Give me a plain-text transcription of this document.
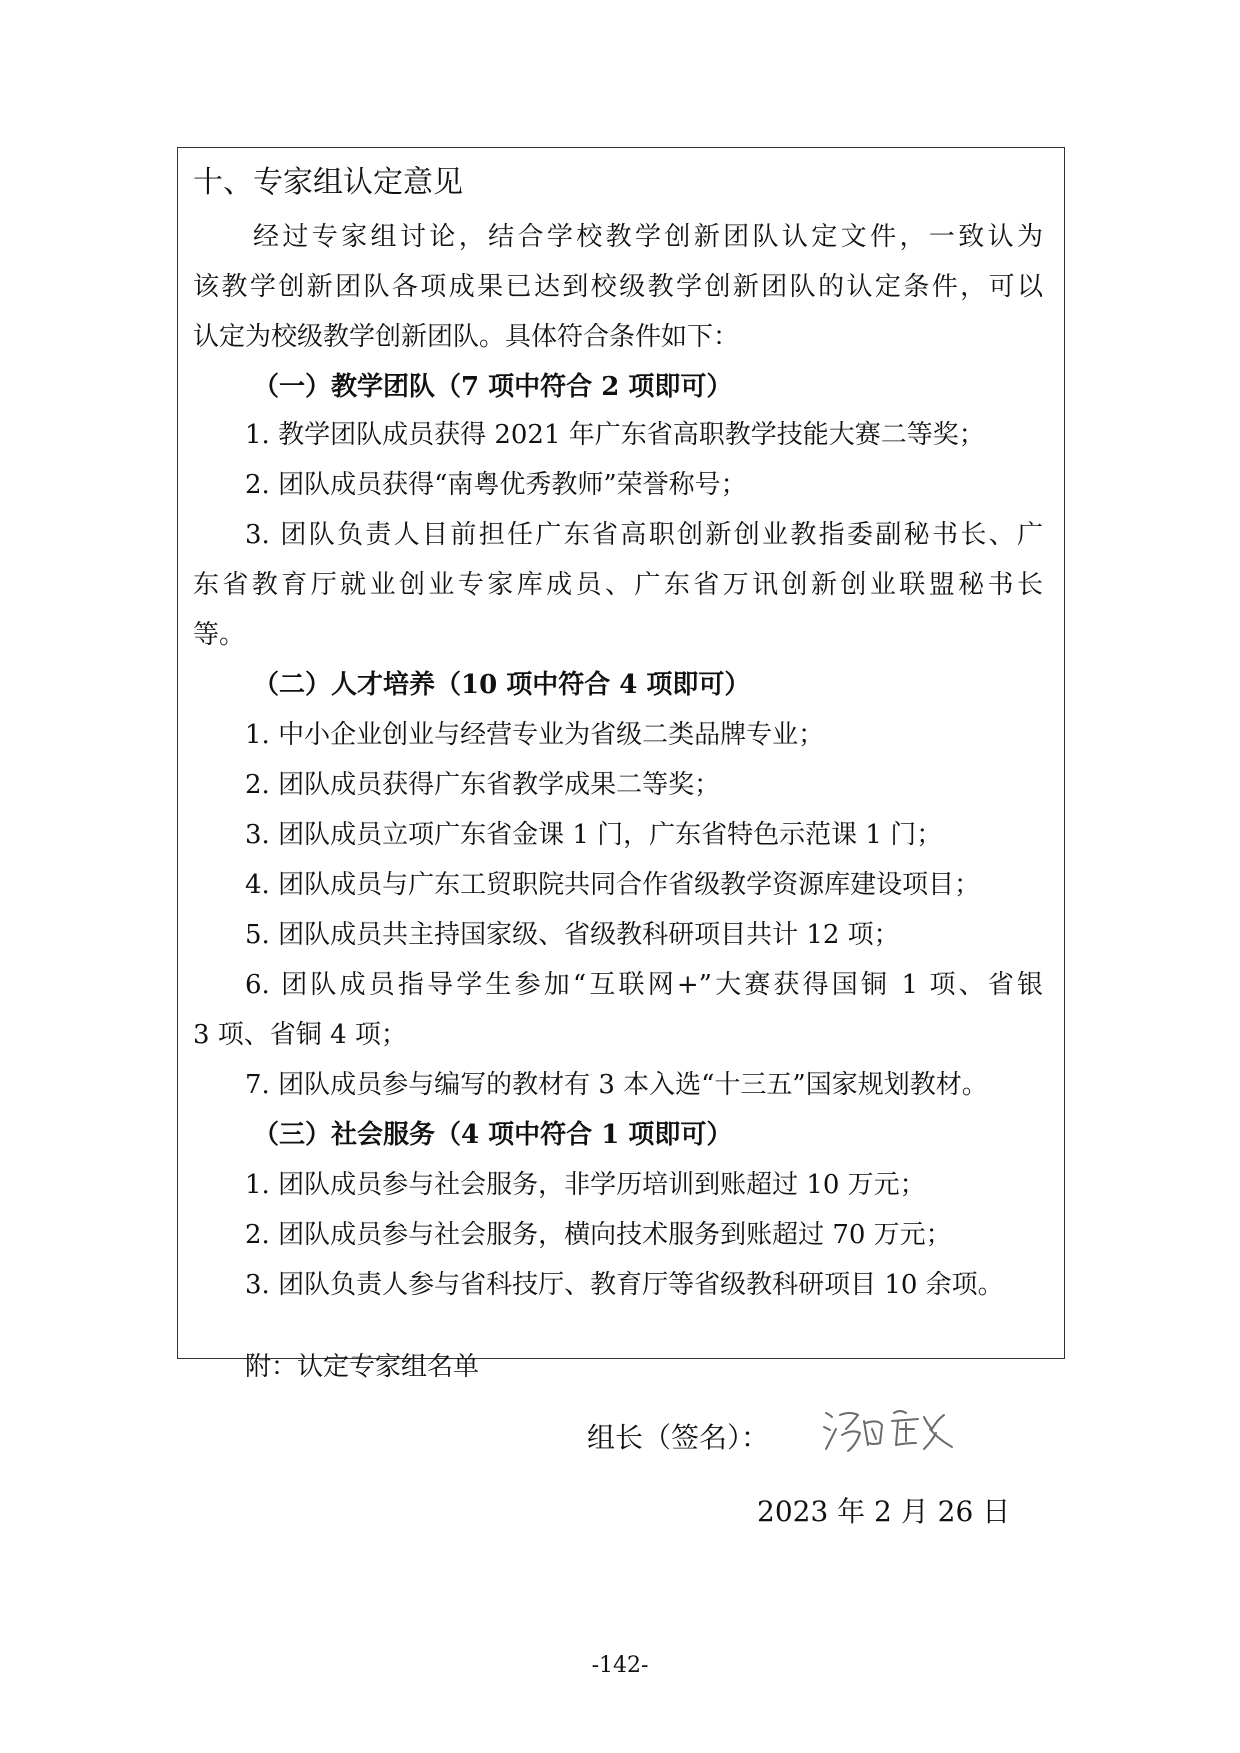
十、专家组认定意见
经过专家组讨论，结合学校教学创新团队认定文件，一致认为
该教学创新团队各项成果已达到校级教学创新团队的认定条件，可以
认定为校级教学创新团队。具体符合条件如下：
（一）教学团队（7 项中符合 2 项即可）
1. 教学团队成员获得 2021 年广东省高职教学技能大赛二等奖；
2. 团队成员获得“南粤优秀教师”荣誉称号；
3. 团队负责人目前担任广东省高职创新创业教指委副秘书长、广
东省教育厅就业创业专家库成员、广东省万讯创新创业联盟秘书长
等。
（二）人才培养（10 项中符合 4 项即可）
1. 中小企业创业与经营专业为省级二类品牌专业；
2. 团队成员获得广东省教学成果二等奖；
3. 团队成员立项广东省金课 1 门，广东省特色示范课 1 门；
4. 团队成员与广东工贸职院共同合作省级教学资源库建设项目；
5. 团队成员共主持国家级、省级教科研项目共计 12 项；
6. 团队成员指导学生参加“互联网+”大赛获得国铜 1 项、省银
3 项、省铜 4 项；
7. 团队成员参与编写的教材有 3 本入选“十三五”国家规划教材。
（三）社会服务（4 项中符合 1 项即可）
1. 团队成员参与社会服务，非学历培训到账超过 10 万元；
2. 团队成员参与社会服务，横向技术服务到账超过 70 万元；
3. 团队负责人参与省科技厅、教育厅等省级教科研项目 10 余项。
附：认定专家组名单
组长（签名）：
2023 年 2 月 26 日
-142-
